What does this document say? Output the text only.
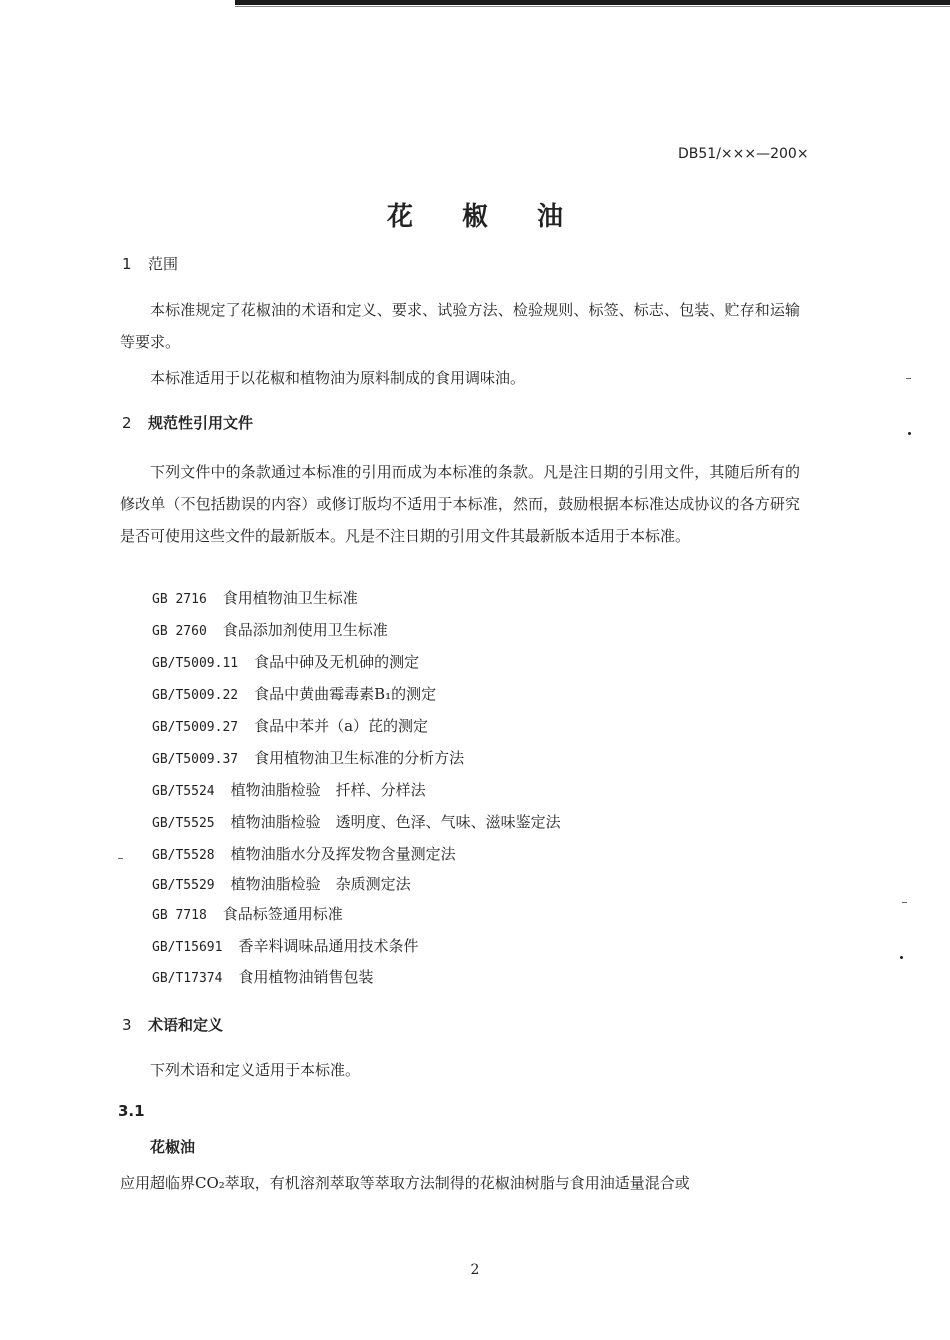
DB51/×××—200×
花 椒 油
1 范围
本标准规定了花椒油的术语和定义、要求、试验方法、检验规则、标签、标志、包装、贮存和运输等要求。
本标准适用于以花椒和植物油为原料制成的食用调味油。
2 规范性引用文件
下列文件中的条款通过本标准的引用而成为本标准的条款。凡是注日期的引用文件，其随后所有的修改单（不包括勘误的内容）或修订版均不适用于本标准，然而，鼓励根据本标准达成协议的各方研究是否可使用这些文件的最新版本。凡是不注日期的引用文件其最新版本适用于本标准。
GB 2716 食用植物油卫生标准
GB 2760 食品添加剂使用卫生标准
GB/T5009.11 食品中砷及无机砷的测定
GB/T5009.22 食品中黄曲霉毒素B₁的测定
GB/T5009.27 食品中苯并（a）芘的测定
GB/T5009.37 食用植物油卫生标准的分析方法
GB/T5524 植物油脂检验　扦样、分样法
GB/T5525 植物油脂检验　透明度、色泽、气味、滋味鉴定法
GB/T5528 植物油脂水分及挥发物含量测定法
GB/T5529 植物油脂检验　杂质测定法
GB 7718 食品标签通用标准
GB/T15691 香辛料调味品通用技术条件
GB/T17374 食用植物油销售包装
3 术语和定义
下列术语和定义适用于本标准。
3.1
花椒油
应用超临界CO₂萃取，有机溶剂萃取等萃取方法制得的花椒油树脂与食用油适量混合或
2
